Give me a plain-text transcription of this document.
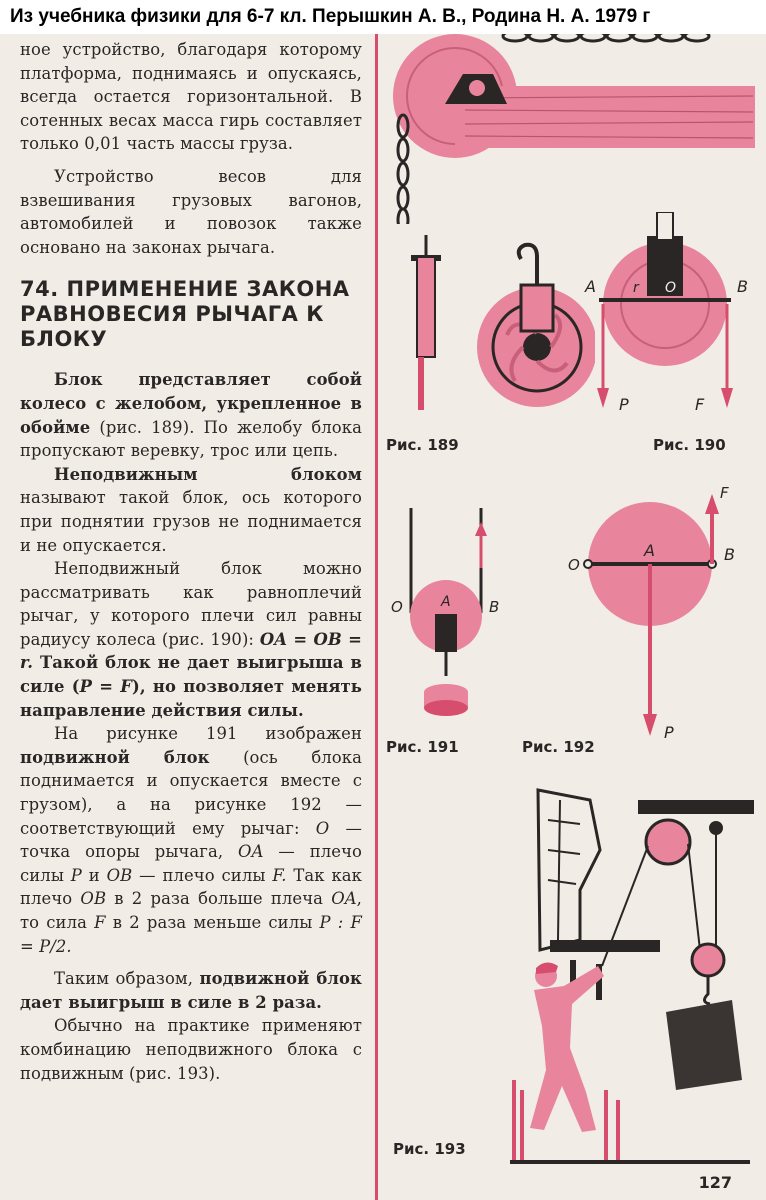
Из учебника физики для 6-7 кл. Перышкин А. В., Родина Н. А. 1979 г

ное устройство, благодаря которому платформа, поднимаясь и опускаясь, всегда остается горизонтальной. В сотенных весах масса гирь составляет только 0,01 часть массы груза.

Устройство весов для взвешивания грузовых вагонов, автомобилей и повозок также основано на законах рычага.

74. ПРИМЕНЕНИЕ ЗАКОНА РАВНОВЕСИЯ РЫЧАГА К БЛОКУ

Блок представляет собой колесо с желобом, укрепленное в обойме (рис. 189). По желобу блока пропускают веревку, трос или цепь.

Неподвижным блоком называют такой блок, ось которого при поднятии грузов не поднимается и не опускается.

Неподвижный блок можно рассматривать как равноплечий рычаг, у которого плечи сил равны радиусу колеса (рис. 190): OA = OB = r. Такой блок не дает выигрыша в силе (P = F), но позволяет менять направление действия силы.

На рисунке 191 изображен подвижной блок (ось блока поднимается и опускается вместе с грузом), а на рисунке 192 — соответствующий ему рычаг: O — точка опоры рычага, OA — плечо силы P и OB — плечо силы F. Так как плечо OB в 2 раза больше плеча OA, то сила F в 2 раза меньше силы P : F = P/2.

Таким образом, подвижной блок дает выигрыш в силе в 2 раза.

Обычно на практике применяют комбинацию неподвижного блока с подвижным (рис. 193).

Рис. 189
A	r O	B
P	F
Рис. 190
O	A	B
Рис. 191
O
A	B
F
P
Рис. 192
Рис. 193
127
